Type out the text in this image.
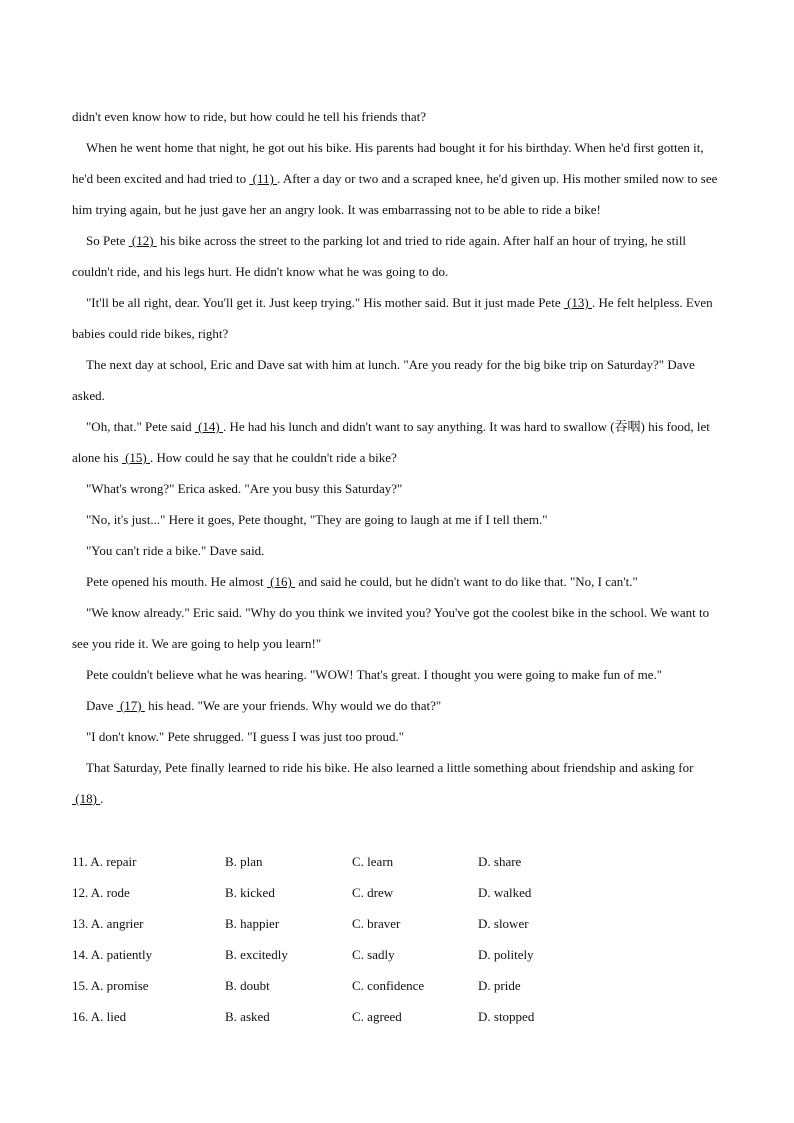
didn't even know how to ride, but how could he tell his friends that?

When he went home that night, he got out his bike. His parents had bought it for his birthday. When he'd first gotten it, he'd been excited and had tried to  (11) . After a day or two and a scraped knee, he'd given up. His mother smiled now to see him trying again, but he just gave her an angry look. It was embarrassing not to be able to ride a bike!

So Pete  (12)  his bike across the street to the parking lot and tried to ride again. After half an hour of trying, he still couldn't ride, and his legs hurt. He didn't know what he was going to do.

"It'll be all right, dear. You'll get it. Just keep trying." His mother said. But it just made Pete  (13) . He felt helpless. Even babies could ride bikes, right?

The next day at school, Eric and Dave sat with him at lunch. "Are you ready for the big bike trip on Saturday?" Dave asked.

"Oh, that." Pete said  (14) . He had his lunch and didn't want to say anything. It was hard to swallow (吞咽) his food, let alone his  (15) . How could he say that he couldn't ride a bike?

"What's wrong?" Erica asked. "Are you busy this Saturday?"

"No, it's just..." Here it goes, Pete thought, "They are going to laugh at me if I tell them."

"You can't ride a bike." Dave said.

Pete opened his mouth. He almost  (16)  and said he could, but he didn't want to do like that. "No, I can't."

"We know already." Eric said. "Why do you think we invited you? You've got the coolest bike in the school. We want to see you ride it. We are going to help you learn!"

Pete couldn't believe what he was hearing. "WOW! That's great. I thought you were going to make fun of me."

Dave  (17)  his head. "We are your friends. Why would we do that?"

"I don't know." Pete shrugged. "I guess I was just too proud."

That Saturday, Pete finally learned to ride his bike. He also learned a little something about friendship and asking for  (18) .

11. A. repair	B. plan	C. learn	D. share
12. A. rode	B. kicked	C. drew	D. walked
13. A. angrier	B. happier	C. braver	D. slower
14. A. patiently	B. excitedly	C. sadly	D. politely
15. A. promise	B. doubt	C. confidence	D. pride
16. A. lied	B. asked	C. agreed	D. stopped
